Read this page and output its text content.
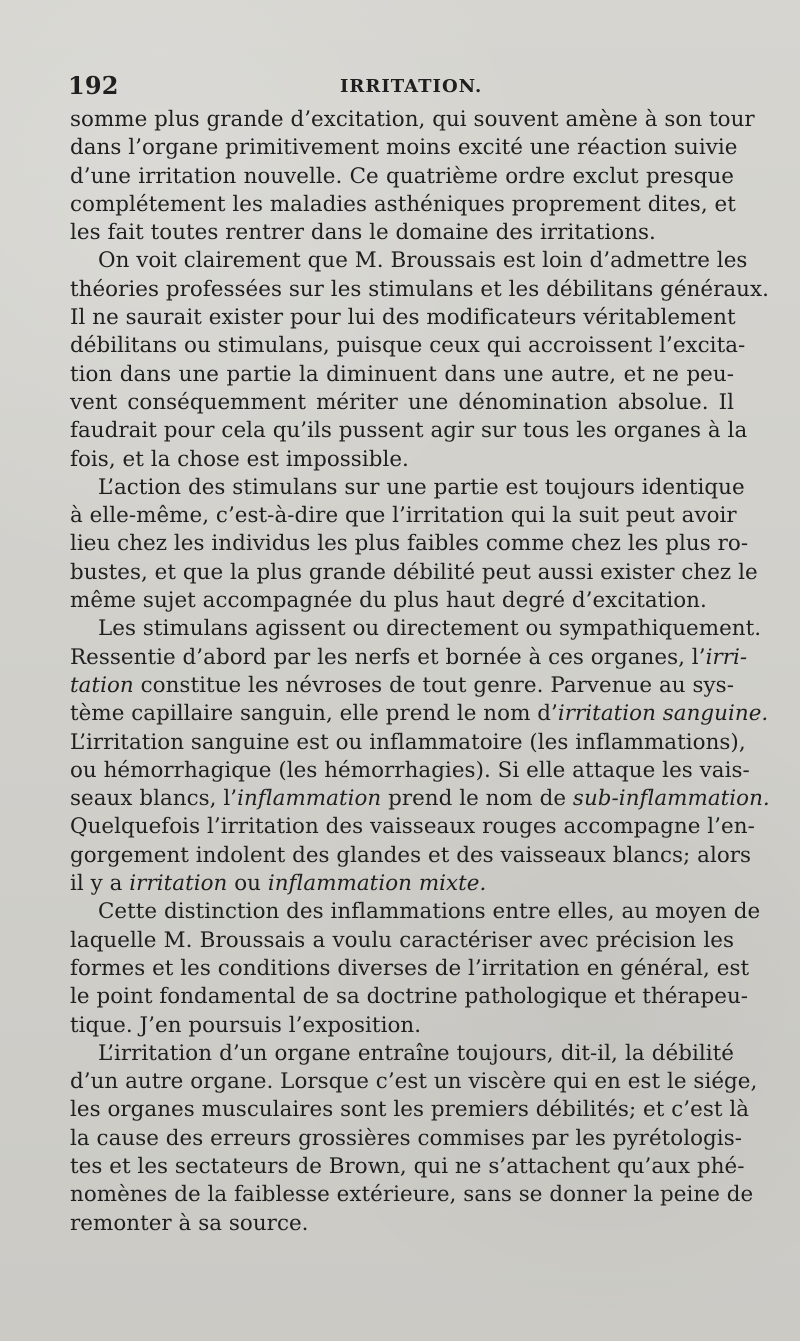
192	IRRITATION.
somme plus grande d’excitation, qui souvent amène à son tour
dans l’organe primitivement moins excité une réaction suivie
d’une irritation nouvelle. Ce quatrième ordre exclut presque
complétement les maladies asthéniques proprement dites, et
les fait toutes rentrer dans le domaine des irritations.
On voit clairement que M. Broussais est loin d’admettre les
théories professées sur les stimulans et les débilitans généraux.
Il ne saurait exister pour lui des modificateurs véritablement
débilitans ou stimulans, puisque ceux qui accroissent l’excita-
tion dans une partie la diminuent dans une autre, et ne peu-
vent conséquemment mériter une dénomination absolue. Il
faudrait pour cela qu’ils pussent agir sur tous les organes à la
fois, et la chose est impossible.
L’action des stimulans sur une partie est toujours identique
à elle-même, c’est-à-dire que l’irritation qui la suit peut avoir
lieu chez les individus les plus faibles comme chez les plus ro-
bustes, et que la plus grande débilité peut aussi exister chez le
même sujet accompagnée du plus haut degré d’excitation.
Les stimulans agissent ou directement ou sympathiquement.
Ressentie d’abord par les nerfs et bornée à ces organes, l’irri-
tation constitue les névroses de tout genre. Parvenue au sys-
tème capillaire sanguin, elle prend le nom d’irritation sanguine.
L’irritation sanguine est ou inflammatoire (les inflammations),
ou hémorrhagique (les hémorrhagies). Si elle attaque les vais-
seaux blancs, l’inflammation prend le nom de sub-inflammation.
Quelquefois l’irritation des vaisseaux rouges accompagne l’en-
gorgement indolent des glandes et des vaisseaux blancs; alors
il y a irritation ou inflammation mixte.
Cette distinction des inflammations entre elles, au moyen de
laquelle M. Broussais a voulu caractériser avec précision les
formes et les conditions diverses de l’irritation en général, est
le point fondamental de sa doctrine pathologique et thérapeu-
tique. J’en poursuis l’exposition.
L’irritation d’un organe entraîne toujours, dit-il, la débilité
d’un autre organe. Lorsque c’est un viscère qui en est le siége,
les organes musculaires sont les premiers débilités; et c’est là
la cause des erreurs grossières commises par les pyrétologis-
tes et les sectateurs de Brown, qui ne s’attachent qu’aux phé-
nomènes de la faiblesse extérieure, sans se donner la peine de
remonter à sa source.
